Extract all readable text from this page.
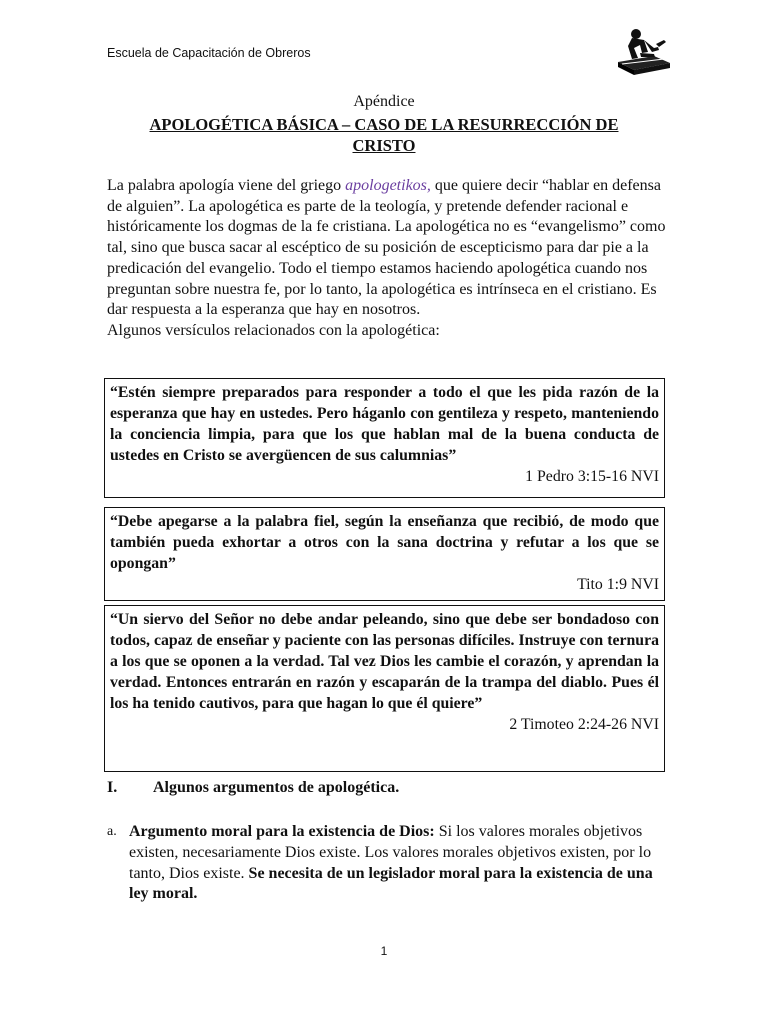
Escuela de Capacitación de Obreros
Apéndice
APOLOGÉTICA BÁSICA – CASO DE LA RESURRECCIÓN DE CRISTO
La palabra apología viene del griego apologetikos, que quiere decir “hablar en defensa de alguien”. La apologética es parte de la teología, y pretende defender racional e históricamente los dogmas de la fe cristiana. La apologética no es “evangelismo” como tal, sino que busca sacar al escéptico de su posición de escepticismo para dar pie a la predicación del evangelio. Todo el tiempo estamos haciendo apologética cuando nos preguntan sobre nuestra fe, por lo tanto, la apologética es intrínseca en el cristiano. Es dar respuesta a la esperanza que hay en nosotros.
Algunos versículos relacionados con la apologética:

“Estén siempre preparados para responder a todo el que les pida razón de la esperanza que hay en ustedes. Pero háganlo con gentileza y respeto, manteniendo la conciencia limpia, para que los que hablan mal de la buena conducta de ustedes en Cristo se avergüencen de sus calumnias”

1 Pedro 3:15-16 NVI

“Debe apegarse a la palabra fiel, según la enseñanza que recibió, de modo que también pueda exhortar a otros con la sana doctrina y refutar a los que se opongan”

Tito 1:9 NVI

“Un siervo del Señor no debe andar peleando, sino que debe ser bondadoso con todos, capaz de enseñar y paciente con las personas difíciles. Instruye con ternura a los que se oponen a la verdad. Tal vez Dios les cambie el corazón, y aprendan la verdad. Entonces entrarán en razón y escaparán de la trampa del diablo. Pues él los ha tenido cautivos, para que hagan lo que él quiere”

2 Timoteo 2:24-26 NVI

I. Algunos argumentos de apologética.
a. Argumento moral para la existencia de Dios: Si los valores morales objetivos existen, necesariamente Dios existe. Los valores morales objetivos existen, por lo tanto, Dios existe. Se necesita de un legislador moral para la existencia de una ley moral.
1
